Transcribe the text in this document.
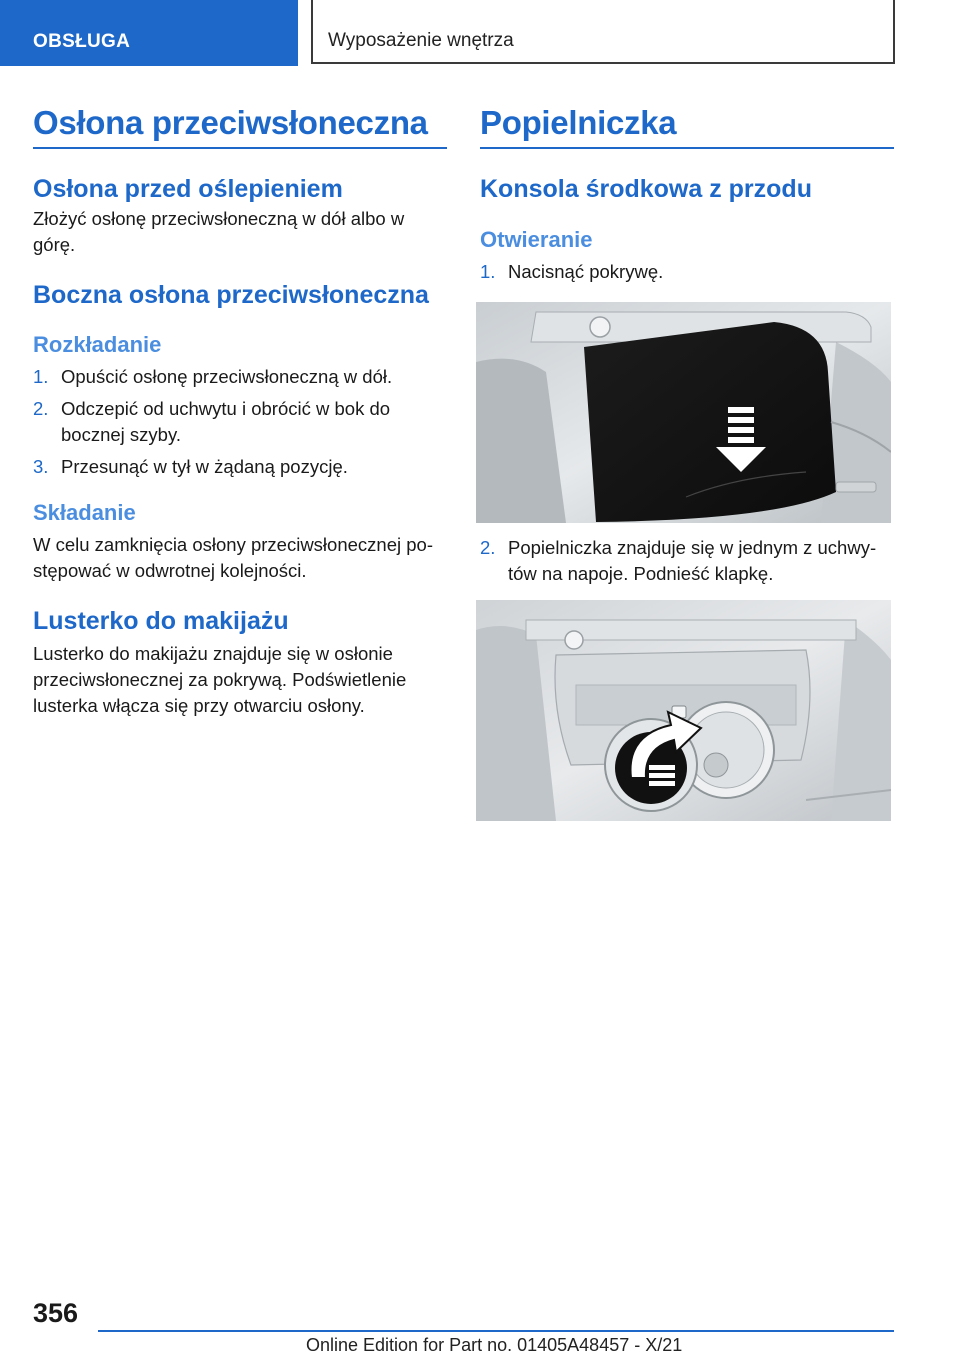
OBSŁUGA	Wyposażenie wnętrza
Osłona przeciwsłoneczna
Osłona przed oślepieniem

Złożyć osłonę przeciwsłoneczną w dół albo w górę.

Boczna osłona przeciwsłoneczna
Rozkładanie
1. Opuścić osłonę przeciwsłoneczną w dół.
2. Odczepić od uchwytu i obrócić w bok do bocznej szyby.
3. Przesunąć w tył w żądaną pozycję.
Składanie

W celu zamknięcia osłony przeciwsłonecznej postępować w odwrotnej kolejności.

Lusterko do makijażu

Lusterko do makijażu znajduje się w osłonie przeciwsłonecznej za pokrywą. Podświetlenie lusterka włącza się przy otwarciu osłony.

Popielniczka
Konsola środkowa z przodu
Otwieranie
1. Nacisnąć pokrywę.
2. Popielniczka znajduje się w jednym z uchwytów na napoje. Podnieść klapkę.
356
Online Edition for Part no. 01405A48457 - X/21
